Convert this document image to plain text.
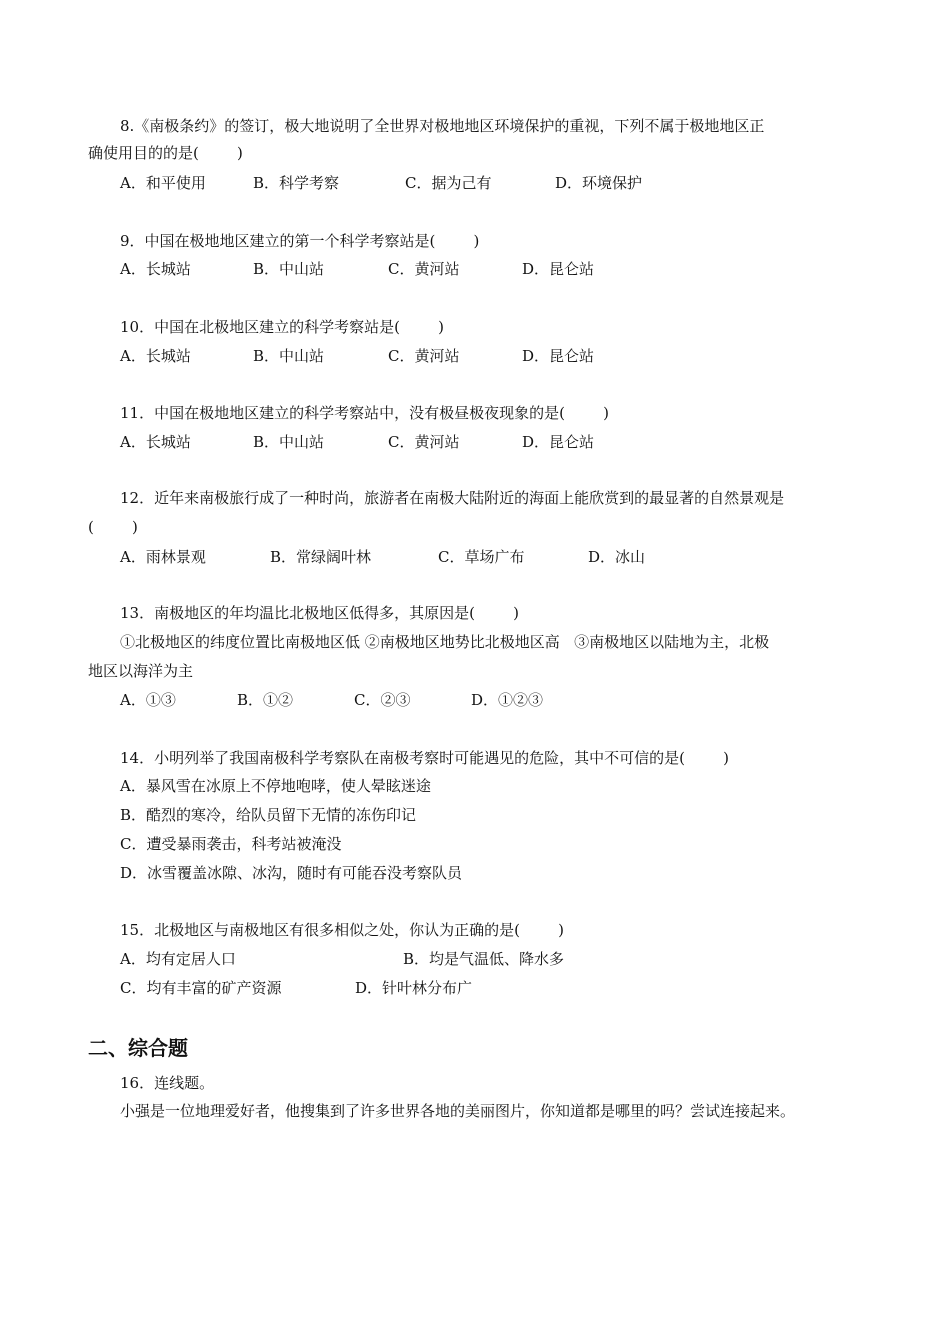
8.《南极条约》的签订，极大地说明了全世界对极地地区环境保护的重视，下列不属于极地地区正
确使用目的的是(        )
A．和平使用	B．科学考察	C．据为己有	D．环境保护
9．中国在极地地区建立的第一个科学考察站是(        )
A．长城站	B．中山站	C．黄河站	D．昆仑站
10．中国在北极地区建立的科学考察站是(        )
A．长城站	B．中山站	C．黄河站	D．昆仑站
11．中国在极地地区建立的科学考察站中，没有极昼极夜现象的是(        )
A．长城站	B．中山站	C．黄河站	D．昆仑站
12．近年来南极旅行成了一种时尚，旅游者在南极大陆附近的海面上能欣赏到的最显著的自然景观是
(        )
A．雨林景观	B．常绿阔叶林	C．草场广布	D．冰山
13．南极地区的年均温比北极地区低得多，其原因是(        )
①北极地区的纬度位置比南极地区低 ②南极地区地势比北极地区高   ③南极地区以陆地为主，北极
地区以海洋为主
A．①③	B．①②	C．②③	D．①②③
14．小明列举了我国南极科学考察队在南极考察时可能遇见的危险，其中不可信的是(        )
A．暴风雪在冰原上不停地咆哮，使人晕眩迷途
B．酷烈的寒冷，给队员留下无情的冻伤印记
C．遭受暴雨袭击，科考站被淹没
D．冰雪覆盖冰隙、冰沟，随时有可能吞没考察队员
15．北极地区与南极地区有很多相似之处，你认为正确的是(        )
A．均有定居人口	B．均是气温低、降水多
C．均有丰富的矿产资源	D．针叶林分布广
二、综合题
16．连线题。
小强是一位地理爱好者，他搜集到了许多世界各地的美丽图片，你知道都是哪里的吗？尝试连接起来。
